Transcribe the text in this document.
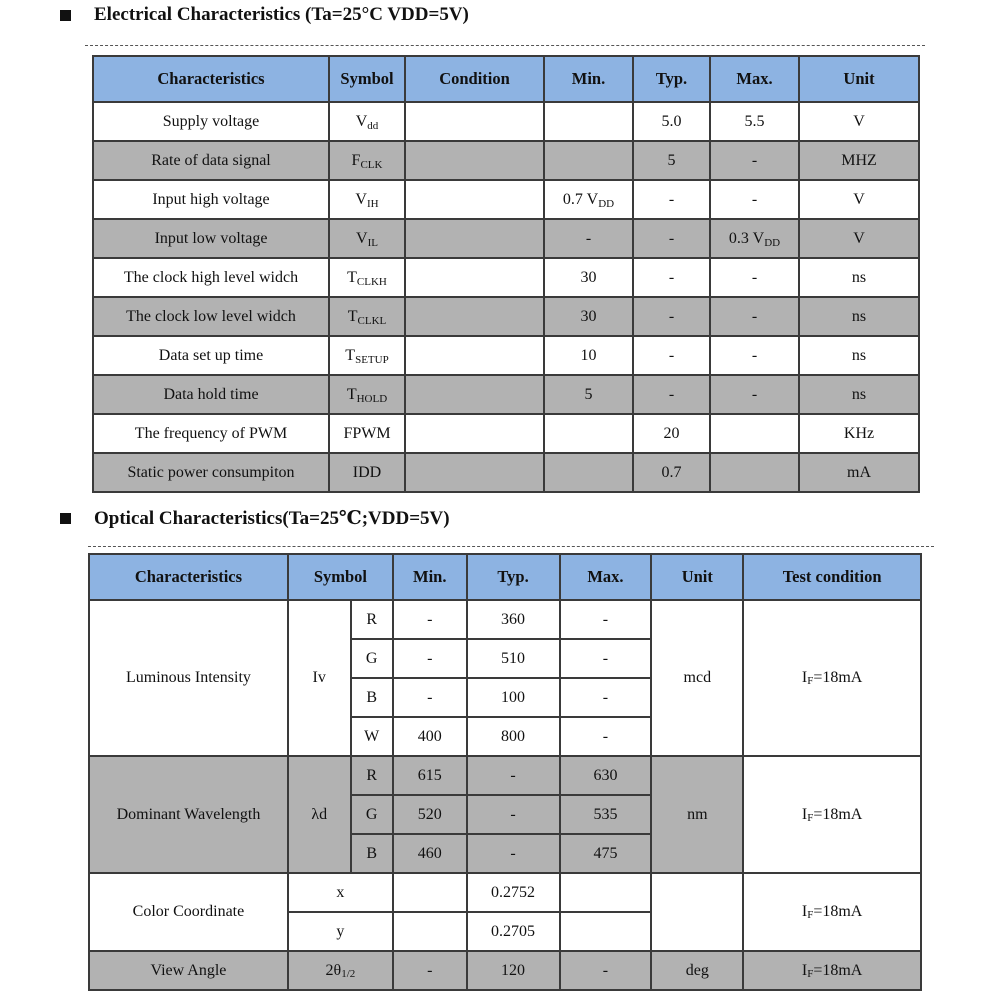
Electrical Characteristics (Ta=25°C VDD=5V)
Characteristics	Symbol	Condition	Min.	Typ.	Max.	Unit
Supply voltage	Vdd			5.0	5.5	V
Rate of data signal	FCLK			5	-	MHZ
Input high voltage	VIH		0.7 VDD	-	-	V
Input low voltage	VIL		-	-	0.3 VDD	V
The clock high level widch	TCLKH		30	-	-	ns
The clock low level widch	TCLKL		30	-	-	ns
Data set up time	TSETUP		10	-	-	ns
Data hold time	THOLD		5	-	-	ns
The frequency of PWM	FPWM			20		KHz
Static power consumpiton	IDD			0.7		mA
Optical Characteristics(Ta=25℃;VDD=5V)
Characteristics	Symbol		Min.	Typ.	Max.	Unit	Test condition
Luminous Intensity	Iv	R	-	360	-	mcd	$I_F=18mA$
		G	-	510	-		
		B	-	100	-		
		W	400	800	-		
Dominant Wavelength	λd	R	615	-	630	nm	$I_F=18mA$
		G	520	-	535		
		B	460	-	475		
Color Coordinate	x			0.2752			$I_F=18mA$
	y			0.2705			
View Angle	$2\theta_{1/2}$		-	120	-	deg	$I_F=18mA$
